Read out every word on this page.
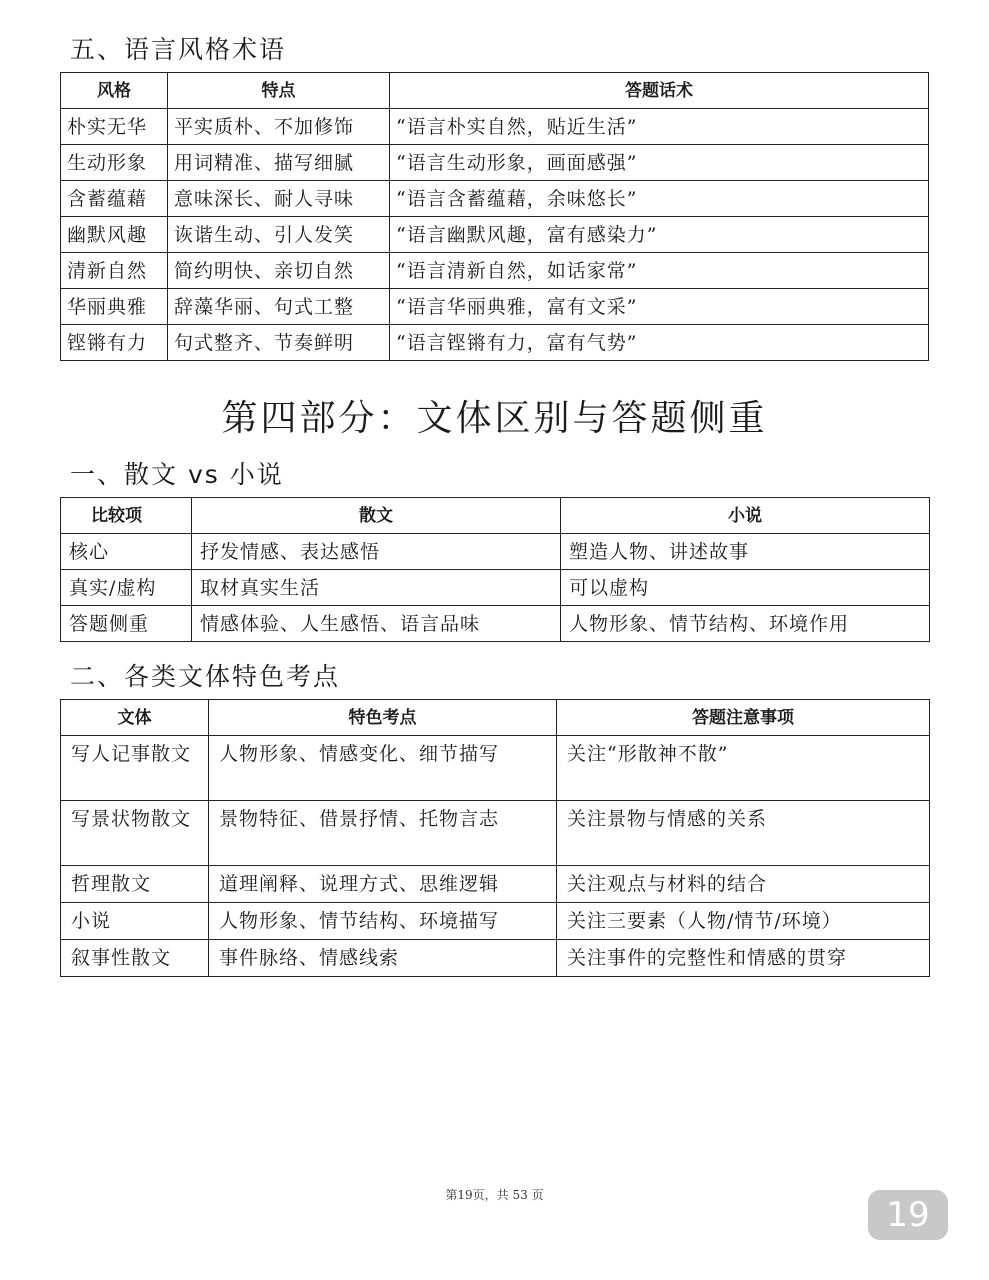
五、语言风格术语
风格	特点	答题话术
朴实无华	平实质朴、不加修饰	“语言朴实自然，贴近生活”
生动形象	用词精准、描写细腻	“语言生动形象，画面感强”
含蓄蕴藉	意味深长、耐人寻味	“语言含蓄蕴藉，余味悠长”
幽默风趣	诙谐生动、引人发笑	“语言幽默风趣，富有感染力”
清新自然	简约明快、亲切自然	“语言清新自然，如话家常”
华丽典雅	辞藻华丽、句式工整	“语言华丽典雅，富有文采”
铿锵有力	句式整齐、节奏鲜明	“语言铿锵有力，富有气势”
第四部分：文体区别与答题侧重
一、散文 vs 小说
比较项	散文	小说
核心	抒发情感、表达感悟	塑造人物、讲述故事
真实/虚构	取材真实生活	可以虚构
答题侧重	情感体验、人生感悟、语言品味	人物形象、情节结构、环境作用
二、各类文体特色考点
文体	特色考点	答题注意事项
写人记事散文	人物形象、情感变化、细节描写	关注“形散神不散”
写景状物散文	景物特征、借景抒情、托物言志	关注景物与情感的关系
哲理散文	道理阐释、说理方式、思维逻辑	关注观点与材料的结合
小说	人物形象、情节结构、环境描写	关注三要素（人物/情节/环境）
叙事性散文	事件脉络、情感线索	关注事件的完整性和情感的贯穿
第19页，共 53 页	19
